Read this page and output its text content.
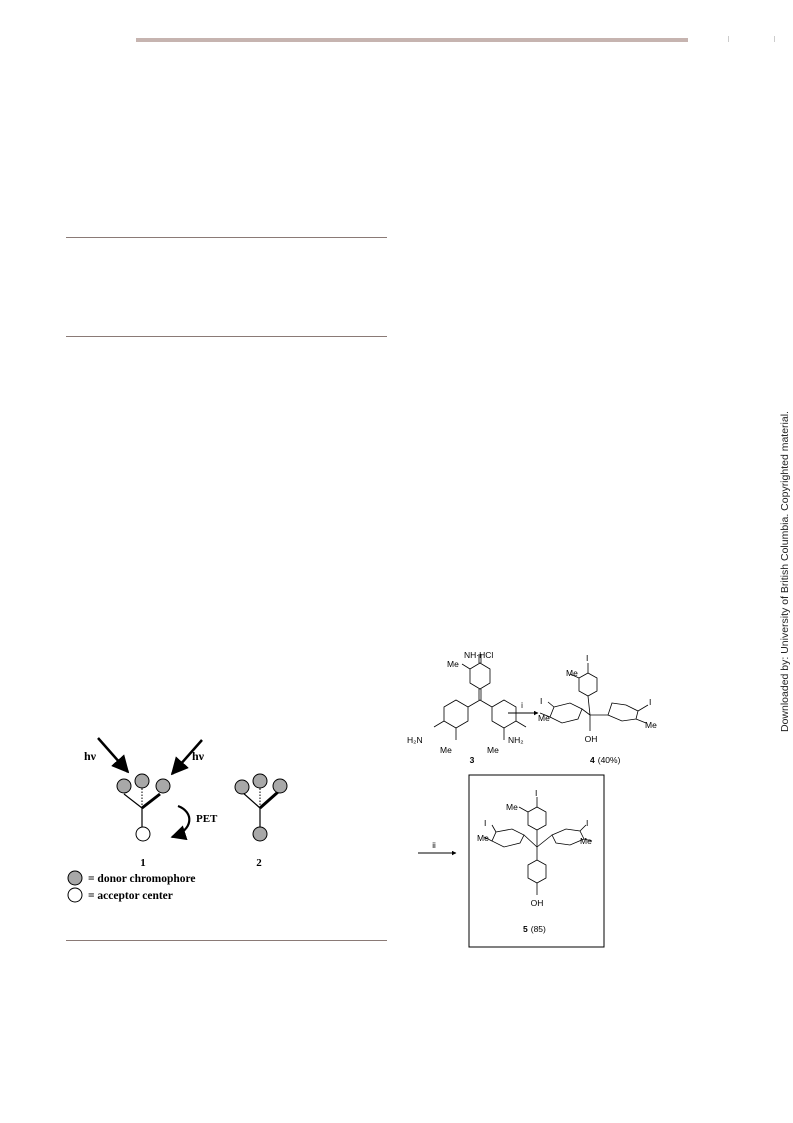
Downloaded by: University of British Columbia. Copyrighted material.
hν	hν
PET
1	2
= donor chromophore
= acceptor center
NH·HCl
Me
H₂N
Me	Me
NH₂
3
i
I
Me
I
Me
I
Me
OH
4 (40%)
ii
I
Me
I
Me
I
Me
OH
5 (85)
